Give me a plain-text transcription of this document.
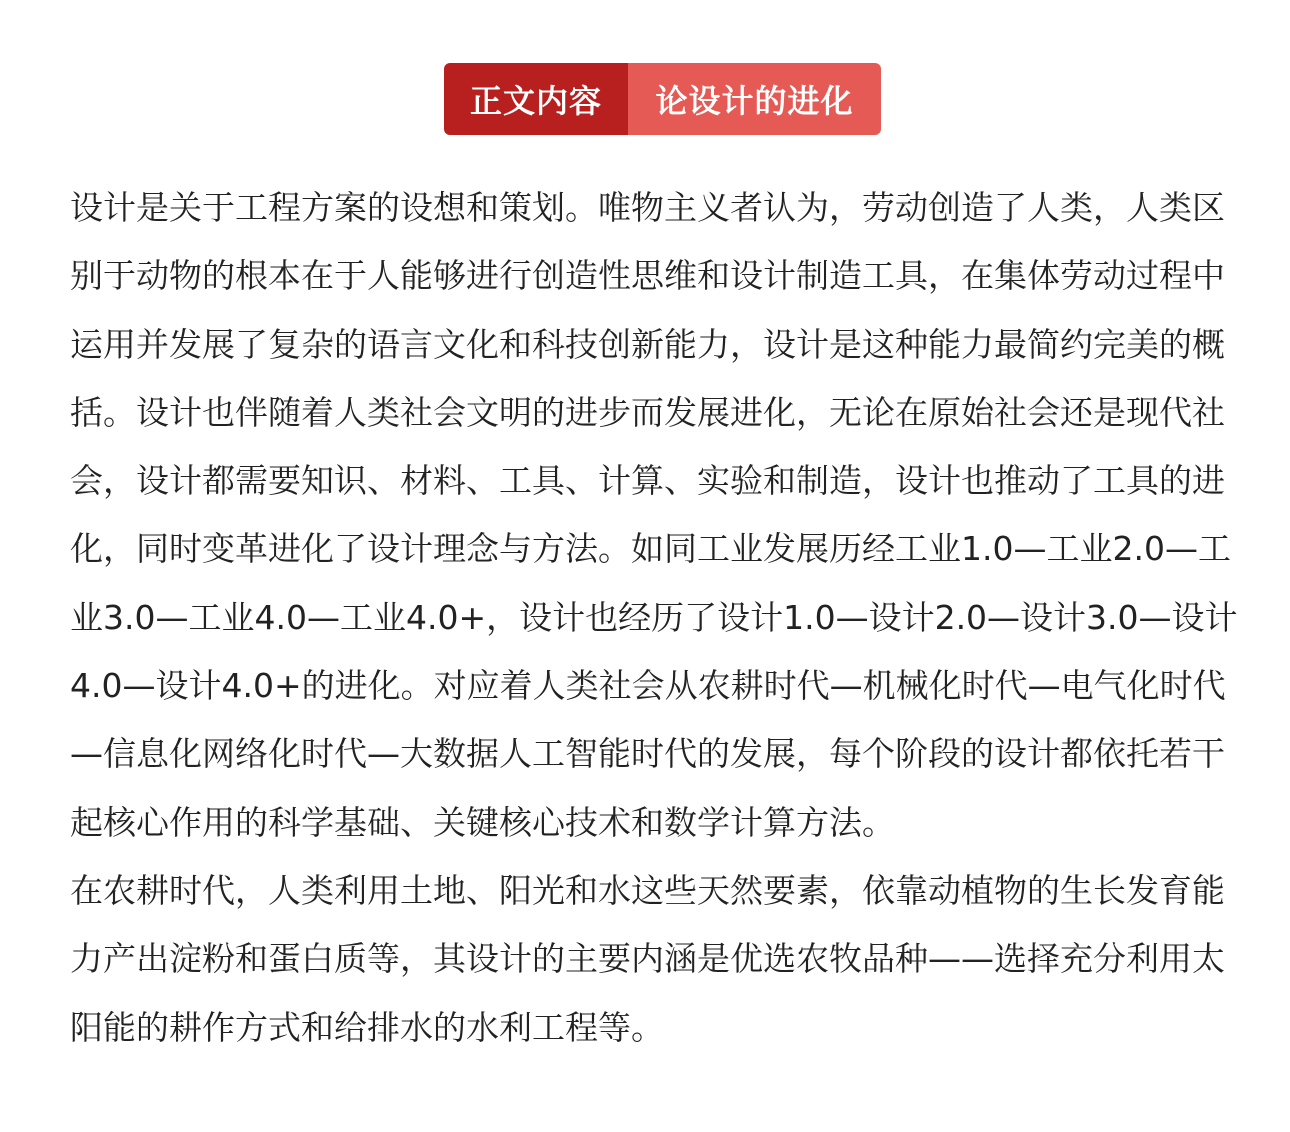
正文内容	论设计的进化

设计是关于工程方案的设想和策划。唯物主义者认为，劳动创造了人类，人类区别于动物的根本在于人能够进行创造性思维和设计制造工具，在集体劳动过程中运用并发展了复杂的语言文化和科技创新能力，设计是这种能力最简约完美的概括。设计也伴随着人类社会文明的进步而发展进化，无论在原始社会还是现代社会，设计都需要知识、材料、工具、计算、实验和制造，设计也推动了工具的进化，同时变革进化了设计理念与方法。如同工业发展历经工业1.0—工业2.0—工业3.0—工业4.0—工业4.0+，设计也经历了设计1.0—设计2.0—设计3.0—设计4.0—设计4.0+的进化。对应着人类社会从农耕时代—机械化时代—电气化时代—信息化网络化时代—大数据人工智能时代的发展，每个阶段的设计都依托若干起核心作用的科学基础、关键核心技术和数学计算方法。

在农耕时代，人类利用土地、阳光和水这些天然要素，依靠动植物的生长发育能力产出淀粉和蛋白质等，其设计的主要内涵是优选农牧品种——选择充分利用太阳能的耕作方式和给排水的水利工程等。
